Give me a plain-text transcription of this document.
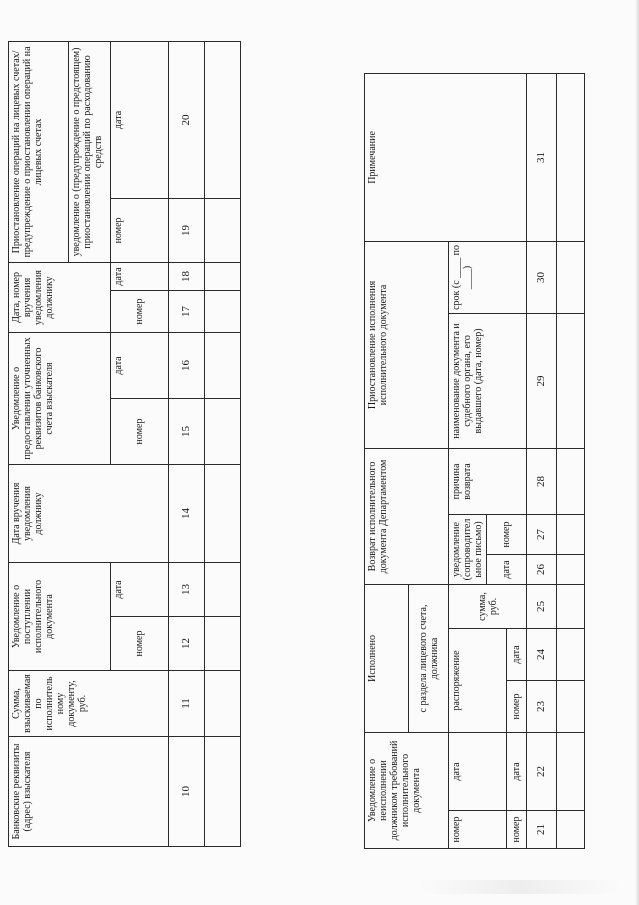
Банковские реквизиты (адрес) взыскателя	Сумма, взыскиваемая по исполнительному документу, руб.	Уведомление о поступлении исполнительного документа		Дата вручения уведомления должнику	Уведомление о предоставлении уточненных реквизитов банковского счета взыскателя		Дата, номер вручения уведомления должнику		Приостановление операций на лицевых счетах/ предупреждение о приостановлении операций на лицевых счетах	
									уведомление о (предупреждение о предстоящем) приостановлении операций по расходованию средств	
		номер	дата		номер	дата	номер	дата	номер	дата
10	11	12	13	14	15	16	17	18	19	20

Уведомление о неисполнении должником требований исполнительного документа		Исполнено			Возврат исполнительного документа Департаментом			Приостановление исполнения исполнительного документа		Примечание
		с раздела лицевого счета, должника								
номер	дата	распоряжение		сумма, руб.	уведомление (сопроводительное письмо)		причина возврата	наименование документа и судебного органа, его выдавшего (дата, номер)	срок (с ____ по ____)	
					дата	номер				
номер	дата	номер	дата							
21	22	23	24	25	26	27	28	29	30	31
